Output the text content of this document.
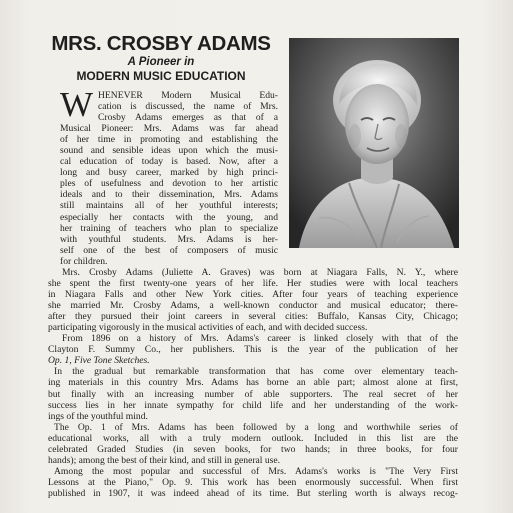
MRS. CROSBY ADAMS
A Pioneer in
MODERN MUSIC EDUCATION
W HENEVER Modern Musical Edu-
cation is discussed, the name of Mrs.
Crosby Adams emerges as that of a
Musical Pioneer: Mrs. Adams was far ahead
of her time in promoting and establishing the
sound and sensible ideas upon which the musi-
cal education of today is based. Now, after a
long and busy career, marked by high princi-
ples of usefulness and devotion to her artistic
ideals and to their dissemination, Mrs. Adams
still maintains all of her youthful interests;
especially her contacts with the young, and
her training of teachers who plan to specialize
with youthful students. Mrs. Adams is her-
self one of the best of composers of music
for children.
Mrs. Crosby Adams (Juliette A. Graves) was born at Niagara Falls, N. Y., where
she spent the first twenty-one years of her life. Her studies were with local teachers
in Niagara Falls and other New York cities. After four years of teaching experience
she married Mr. Crosby Adams, a well-known conductor and musical educator; there-
after they pursued their joint careers in several cities: Buffalo, Kansas City, Chicago;
participating vigorously in the musical activities of each, and with decided success.
From 1896 on a history of Mrs. Adams's career is linked closely with that of the
Clayton F. Summy Co., her publishers. This is the year of the publication of her
Op. 1, Five Tone Sketches.
In the gradual but remarkable transformation that has come over elementary teach-
ing materials in this country Mrs. Adams has borne an able part; almost alone at first,
but finally with an increasing number of able supporters. The real secret of her
success lies in her innate sympathy for child life and her understanding of the work-
ings of the youthful mind.
The Op. 1 of Mrs. Adams has been followed by a long and worthwhile series of
educational works, all with a truly modern outlook. Included in this list are the
celebrated Graded Studies (in seven books, for two hands; in three books, for four
hands); among the best of their kind, and still in general use.
Among the most popular and successful of Mrs. Adams's works is "The Very First
Lessons at the Piano," Op. 9. This work has been enormously successful. When first
published in 1907, it was indeed ahead of its time. But sterling worth is always recog-
